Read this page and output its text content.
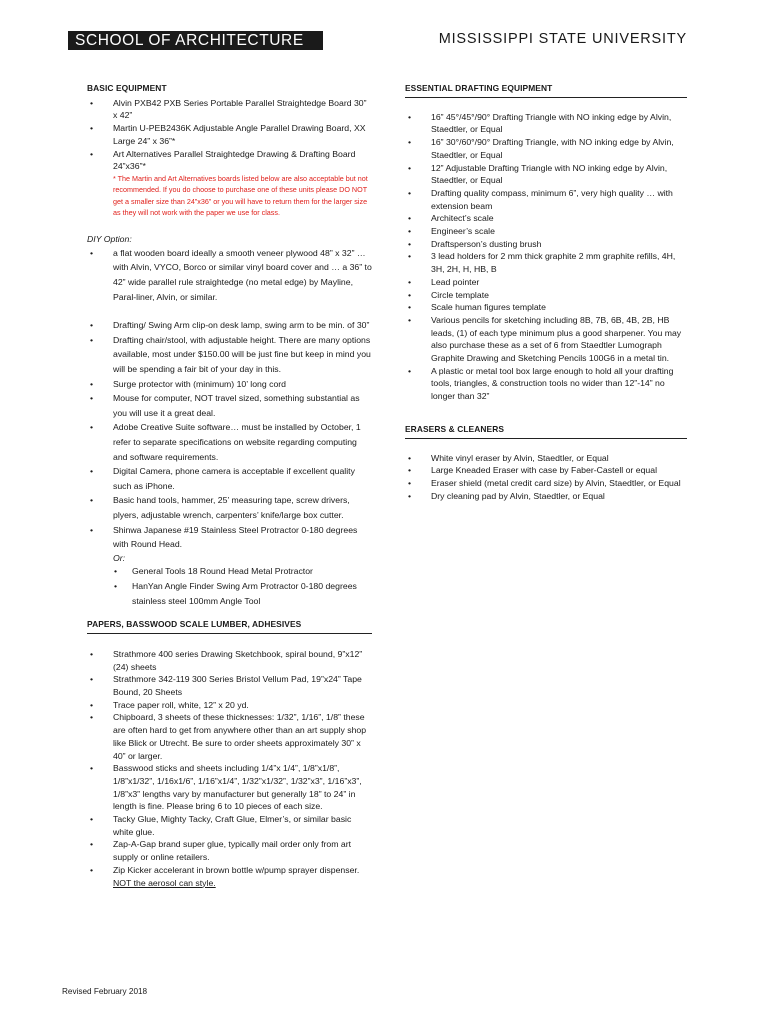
SCHOOL OF ARCHITECTURE	MISSISSIPPI STATE UNIVERSITY
BASIC EQUIPMENT
• Alvin PXB42 PXB Series Portable Parallel Straightedge Board 30” x 42”
• Martin U-PEB2436K Adjustable Angle Parallel Drawing Board, XX Large 24” x 36”*
• Art Alternatives Parallel Straightedge Drawing & Drafting Board 24”x36”*
* The Martin and Art Alternatives boards listed below are also acceptable but not recommended. If you do choose to purchase one of these units please DO NOT get a smaller size than 24”x36” or you will have to return them for the larger size as they will not work with the paper we use for class.
DIY Option:
• a flat wooden board ideally a smooth veneer plywood 48” x 32” … with Alvin, VYCO, Borco or similar vinyl board cover and … a 36” to 42” wide parallel rule straightedge (no metal edge) by Mayline, Paral-liner, Alvin, or similar.
• Drafting/ Swing Arm clip-on desk lamp, swing arm to be min. of 30”
• Drafting chair/stool, with adjustable height. There are many options available, most under $150.00 will be just fine but keep in mind you will be spending a fair bit of your day in this.
• Surge protector with (minimum) 10’ long cord
• Mouse for computer, NOT travel sized, something substantial as you will use it a great deal.
• Adobe Creative Suite software… must be installed by October, 1 refer to separate specifications on website regarding computing and software requirements.
• Digital Camera, phone camera is acceptable if excellent quality such as iPhone.
• Basic hand tools, hammer, 25’ measuring tape, screw drivers, plyers, adjustable wrench, carpenters’ knife/large box cutter.
• Shinwa Japanese #19 Stainless Steel Protractor 0-180 degrees with Round Head.
Or:
• General Tools 18 Round Head Metal Protractor
• HanYan Angle Finder Swing Arm Protractor 0-180 degrees stainless steel 100mm Angle Tool
PAPERS, BASSWOOD SCALE LUMBER, ADHESIVES
• Strathmore 400 series Drawing Sketchbook, spiral bound, 9”x12” (24) sheets
• Strathmore 342-119 300 Series Bristol Vellum Pad, 19”x24” Tape Bound, 20 Sheets
• Trace paper roll, white, 12” x 20 yd.
• Chipboard, 3 sheets of these thicknesses: 1/32”, 1/16”, 1/8” these are often hard to get from anywhere other than an art supply shop like Blick or Utrecht. Be sure to order sheets approximately 30” x 40” or larger.
• Basswood sticks and sheets including 1/4”x 1/4”, 1/8”x1/8”, 1/8”x1/32”, 1/16x1/6”, 1/16”x1/4”, 1/32”x1/32”, 1/32”x3”, 1/16”x3”, 1/8”x3” lengths vary by manufacturer but generally 18” to 24” in length is fine. Please bring 6 to 10 pieces of each size.
• Tacky Glue, Mighty Tacky, Craft Glue, Elmer’s, or similar basic white glue.
• Zap-A-Gap brand super glue, typically mail order only from art supply or online retailers.
• Zip Kicker accelerant in brown bottle w/pump sprayer dispenser. NOT the aerosol can style.
ESSENTIAL DRAFTING EQUIPMENT
• 16” 45°/45°/90° Drafting Triangle with NO inking edge by Alvin, Staedtler, or Equal
• 16” 30°/60°/90° Drafting Triangle, with NO inking edge by Alvin, Staedtler, or Equal
• 12” Adjustable Drafting Triangle with NO inking edge by Alvin, Staedtler, or Equal
• Drafting quality compass, minimum 6”, very high quality … with extension beam
• Architect’s scale
• Engineer’s scale
• Draftsperson’s dusting brush
• 3 lead holders for 2 mm thick graphite 2 mm graphite refills, 4H, 3H, 2H, H, HB, B
• Lead pointer
• Circle template
• Scale human figures template
• Various pencils for sketching including 8B, 7B, 6B, 4B, 2B, HB leads, (1) of each type minimum plus a good sharpener. You may also purchase these as a set of 6 from Staedtler Lumograph Graphite Drawing and Sketching Pencils 100G6 in a metal tin.
• A plastic or metal tool box large enough to hold all your drafting tools, triangles, & construction tools no wider than 12”-14” no longer than 32”
ERASERS & CLEANERS
• White vinyl eraser by Alvin, Staedtler, or Equal
• Large Kneaded Eraser with case by Faber-Castell or equal
• Eraser shield (metal credit card size) by Alvin, Staedtler, or Equal
• Dry cleaning pad by Alvin, Staedtler, or Equal
Revised February 2018
